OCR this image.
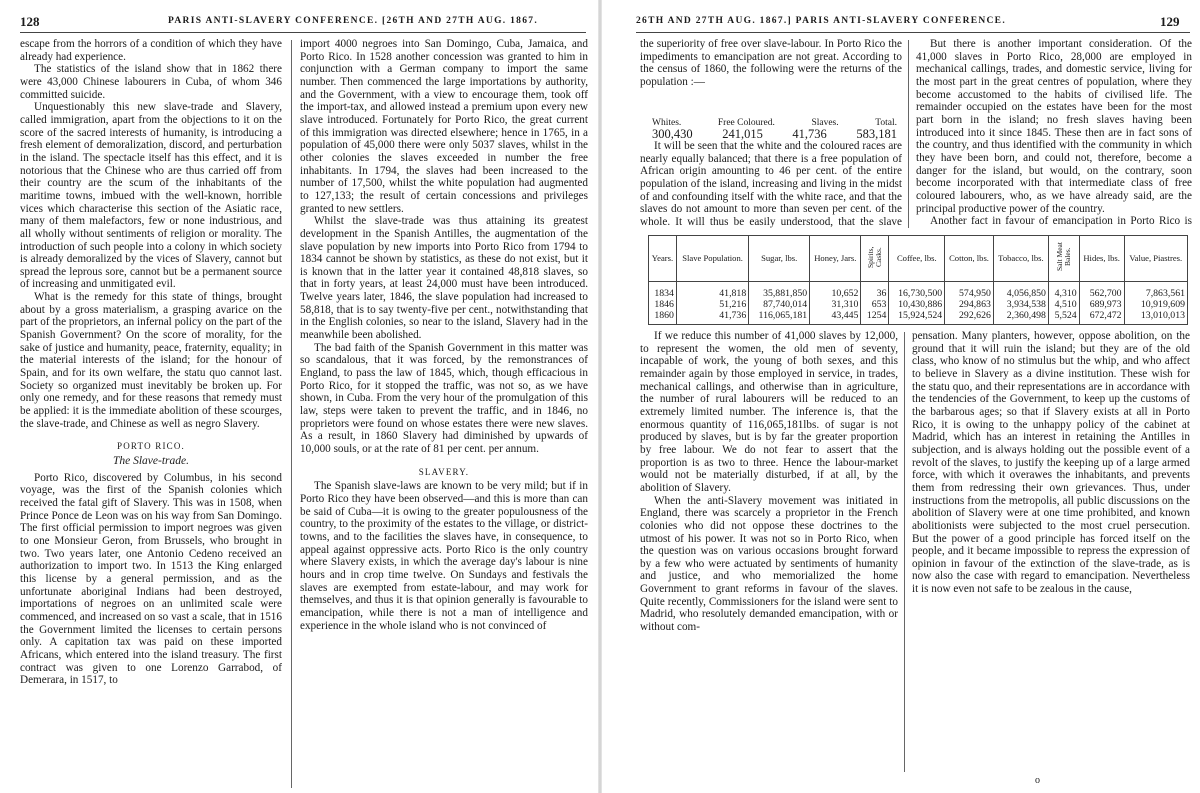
128	PARIS ANTI-SLAVERY CONFERENCE. [26TH AND 27TH AUG. 1867.

escape from the horrors of a condition of which they have already had experience.

The statistics of the island show that in 1862 there were 43,000 Chinese labourers in Cuba, of whom 346 committed suicide.

Unquestionably this new slave-trade and Slavery, called immigration, apart from the objections to it on the score of the sacred interests of humanity, is introducing a fresh element of demoralization, discord, and perturbation in the island. The spectacle itself has this effect, and it is notorious that the Chinese who are thus carried off from their country are the scum of the inhabitants of the maritime towns, imbued with the well-known, horrible vices which characterise this section of the Asiatic race, many of them malefactors, few or none industrious, and all wholly without sentiments of religion or morality. The introduction of such people into a colony in which society is already demoralized by the vices of Slavery, cannot but spread the leprous sore, cannot but be a permanent source of increasing and unmitigated evil.

What is the remedy for this state of things, brought about by a gross materialism, a grasping avarice on the part of the proprietors, an infernal policy on the part of the Spanish Government? On the score of morality, for the sake of justice and humanity, peace, fraternity, equality; in the material interests of the island; for the honour of Spain, and for its own welfare, the statu quo cannot last. Society so organized must inevitably be broken up. For only one remedy, and for these reasons that remedy must be applied: it is the immediate abolition of these scourges, the slave-trade, and Chinese as well as negro Slavery.

PORTO RICO.
The Slave-trade.

Porto Rico, discovered by Columbus, in his second voyage, was the first of the Spanish colonies which received the fatal gift of Slavery. This was in 1508, when Prince Ponce de Leon was on his way from San Domingo. The first official permission to import negroes was given to one Monsieur Geron, from Brussels, who brought in two. Two years later, one Antonio Cedeno received an authorization to import two. In 1513 the King enlarged this license by a general permission, and as the unfortunate aboriginal Indians had been destroyed, importations of negroes on an unlimited scale were commenced, and increased on so vast a scale, that in 1516 the Government limited the licenses to certain persons only. A capitation tax was paid on these imported Africans, which entered into the island treasury. The first contract was given to one Lorenzo Garrabod, of Demerara, in 1517, to

import 4000 negroes into San Domingo, Cuba, Jamaica, and Porto Rico. In 1528 another concession was granted to him in conjunction with a German company to import the same number. Then commenced the large importations by authority, and the Government, with a view to encourage them, took off the import-tax, and allowed instead a premium upon every new slave introduced. Fortunately for Porto Rico, the great current of this immigration was directed elsewhere; hence in 1765, in a population of 45,000 there were only 5037 slaves, whilst in the other colonies the slaves exceeded in number the free inhabitants. In 1794, the slaves had been increased to the number of 17,500, whilst the white population had augmented to 127,133; the result of certain concessions and privileges granted to new settlers.

Whilst the slave-trade was thus attaining its greatest development in the Spanish Antilles, the augmentation of the slave population by new imports into Porto Rico from 1794 to 1834 cannot be shown by statistics, as these do not exist, but it is known that in the latter year it contained 48,818 slaves, so that in forty years, at least 24,000 must have been introduced. Twelve years later, 1846, the slave population had increased to 58,818, that is to say twenty-five per cent., notwithstanding that in the English colonies, so near to the island, Slavery had in the meanwhile been abolished.

The bad faith of the Spanish Government in this matter was so scandalous, that it was forced, by the remonstrances of England, to pass the law of 1845, which, though efficacious in Porto Rico, for it stopped the traffic, was not so, as we have shown, in Cuba. From the very hour of the promulgation of this law, steps were taken to prevent the traffic, and in 1846, no proprietors were found on whose estates there were new slaves. As a result, in 1860 Slavery had diminished by upwards of 10,000 souls, or at the rate of 81 per cent. per annum.

SLAVERY.

The Spanish slave-laws are known to be very mild; but if in Porto Rico they have been observed—and this is more than can be said of Cuba—it is owing to the greater populousness of the country, to the proximity of the estates to the village, or district-towns, and to the facilities the slaves have, in consequence, to appeal against oppressive acts. Porto Rico is the only country where Slavery exists, in which the average day's labour is nine hours and in crop time twelve. On Sundays and festivals the slaves are exempted from estate-labour, and may work for themselves, and thus it is that opinion generally is favourable to emancipation, while there is not a man of intelligence and experience in the whole island who is not convinced of

26TH AND 27TH AUG. 1867.] PARIS ANTI-SLAVERY CONFERENCE.	129

the superiority of free over slave-labour. In Porto Rico the impediments to emancipation are not great. According to the census of 1860, the following were the returns of the population :—

It will be seen that the white and the coloured races are nearly equally balanced; that there is a free population of African origin amounting to 46 per cent. of the entire population of the island, increasing and living in the midst of and confounding itself with the white race, and that the slaves do not amount to more than seven per cent. of the whole. It will thus be easily understood, that the slave

But there is another important consideration. Of the 41,000 slaves in Porto Rico, 28,000 are employed in mechanical callings, trades, and domestic service, living for the most part in the great centres of population, where they become accustomed to the habits of civilised life. The remainder occupied on the estates have been for the most part born in the island; no fresh slaves having been introduced into it since 1845. These then are in fact sons of the country, and thus identified with the community in which they have been born, and could not, therefore, become a danger for the island, but would, on the contrary, soon become incorporated with that intermediate class of free coloured labourers, who, as we have already said, are the principal productive power of the country.

Another fact in favour of emancipation in Porto Rico is

If we reduce this number of 41,000 slaves by 12,000, to represent the women, the old men of seventy, incapable of work, the young of both sexes, and this remainder again by those employed in service, in trades, mechanical callings, and otherwise than in agriculture, the number of rural labourers will be reduced to an extremely limited number. The inference is, that the enormous quantity of 116,065,181lbs. of sugar is not produced by slaves, but is by far the greater proportion by free labour. We do not fear to assert that the proportion is as two to three. Hence the labour-market would not be materially disturbed, if at all, by the abolition of Slavery.

When the anti-Slavery movement was initiated in England, there was scarcely a proprietor in the French colonies who did not oppose these doctrines to the utmost of his power. It was not so in Porto Rico, when the question was on various occasions brought forward by a few who were actuated by sentiments of humanity and justice, and who memorialized the home Government to grant reforms in favour of the slaves. Quite recently, Commissioners for the island were sent to Madrid, who resolutely demanded emancipation, with or without com-

pensation. Many planters, however, oppose abolition, on the ground that it will ruin the island; but they are of the old class, who know of no stimulus but the whip, and who affect to believe in Slavery as a divine institution. These wish for the statu quo, and their representations are in accordance with the tendencies of the Government, to keep up the customs of the barbarous ages; so that if Slavery exists at all in Porto Rico, it is owing to the unhappy policy of the cabinet at Madrid, which has an interest in retaining the Antilles in subjection, and is always holding out the possible event of a revolt of the slaves, to justify the keeping up of a large armed force, with which it overawes the inhabitants, and prevents them from redressing their own grievances. Thus, under instructions from the metropolis, all public discussions on the abolition of Slavery were at one time prohibited, and known abolitionists were subjected to the most cruel persecution. But the power of a good principle has forced itself on the people, and it became impossible to repress the expression of opinion in favour of the extinction of the slave-trade, as is now also the case with regard to emancipation. Nevertheless it is now even not safe to be zealous in the cause,

Whites.	Free Coloured.	Slaves.	Total.
300,430 241,015 41,736 583,181
Years.	Slave Population.	Sugar, lbs.	Honey, Jars.	Spirits, Casks.	Coffee, lbs.	Cotton, lbs.	Tobacco, lbs.	Salt Meat Bales.	Hides, lbs.	Value, Piastres.
1834	41,818	35,881,850	10,652	36	16,730,500	574,950	4,056,850	4,310	562,700	7,863,561
1846	51,216	87,740,014	31,310	653	10,430,886	294,863	3,934,538	4,510	689,973	10,919,609
1860	41,736	116,065,181	43,445	1254	15,924,524	292,626	2,360,498	5,524	672,472	13,010,013
o
